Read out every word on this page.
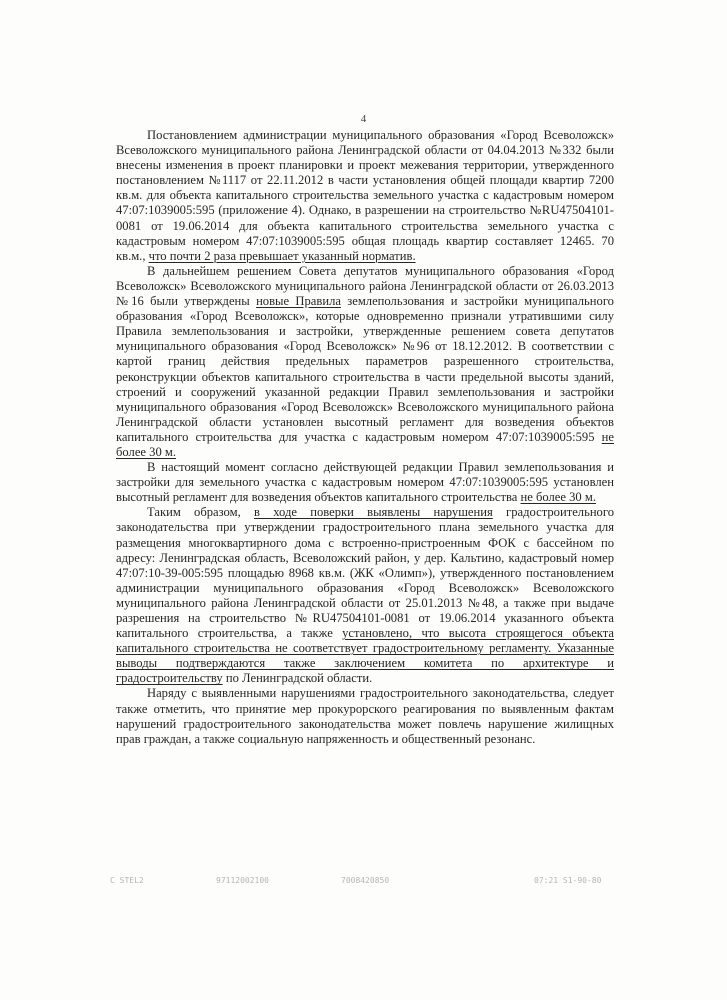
4

Постановлением администрации муниципального образования «Город Всеволожск» Всеволожского муниципального района Ленинградской области от 04.04.2013 №332 были внесены изменения в проект планировки и проект межевания территории, утвержденного постановлением №1117 от 22.11.2012 в части установления общей площади квартир 7200 кв.м. для объекта капитального строительства земельного участка с кадастровым номером 47:07:1039005:595 (приложение 4). Однако, в разрешении на строительство №RU47504101-0081 от 19.06.2014 для объекта капитального строительства земельного участка с кадастровым номером 47:07:1039005:595 общая площадь квартир составляет 12465. 70 кв.м., что почти 2 раза превышает указанный норматив.

В дальнейшем решением Совета депутатов муниципального образования «Город Всеволожск» Всеволожского муниципального района Ленинградской области от 26.03.2013 №16 были утверждены новые Правила землепользования и застройки муниципального образования «Город Всеволожск», которые одновременно признали утратившими силу Правила землепользования и застройки, утвержденные решением совета депутатов муниципального образования «Город Всеволожск» №96 от 18.12.2012. В соответствии с картой границ действия предельных параметров разрешенного строительства, реконструкции объектов капитального строительства в части предельной высоты зданий, строений и сооружений указанной редакции Правил землепользования и застройки муниципального образования «Город Всеволожск» Всеволожского муниципального района Ленинградской области установлен высотный регламент для возведения объектов капитального строительства для участка с кадастровым номером 47:07:1039005:595 не более 30 м.

В настоящий момент согласно действующей редакции Правил землепользования и застройки для земельного участка с кадастровым номером 47:07:1039005:595 установлен высотный регламент для возведения объектов капитального строительства не более 30 м.

Таким образом, в ходе поверки выявлены нарушения градостроительного законодательства при утверждении градостроительного плана земельного участка для размещения многоквартирного дома с встроенно-пристроенным ФОК с бассейном по адресу: Ленинградская область, Всеволожский район, у дер. Кальтино, кадастровый номер 47:07:10-39-005:595 площадью 8968 кв.м. (ЖК «Олимп»), утвержденного постановлением администрации муниципального образования «Город Всеволожск» Всеволожского муниципального района Ленинградской области от 25.01.2013 №48, а также при выдаче разрешения на строительство №RU47504101-0081 от 19.06.2014 указанного объекта капитального строительства, а также установлено, что высота строящегося объекта капитального строительства не соответствует градостроительному регламенту. Указанные выводы подтверждаются также заключением комитета по архитектуре и градостроительству по Ленинградской области.

Наряду с выявленными нарушениями градостроительного законодательства, следует также отметить, что принятие мер прокурорского реагирования по выявленным фактам нарушений градостроительного законодательства может повлечь нарушение жилищных прав граждан, а также социальную напряженность и общественный резонанс.

C STEL2	97112002100	7008420850	07:21 S1-90-80
